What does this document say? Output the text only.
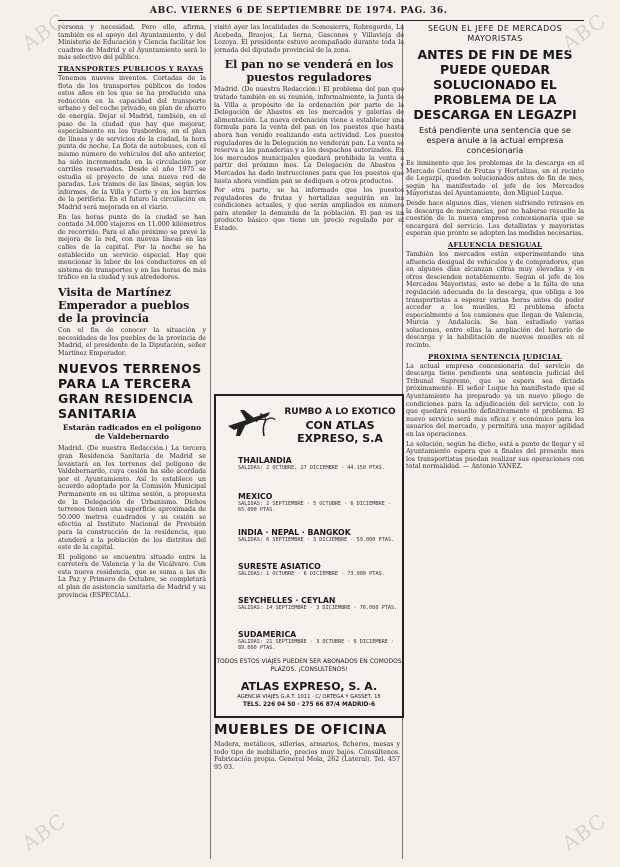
ABC. VIERNES 6 DE SEPTIEMBRE DE 1974. PAG. 36.

persona y necesidad. Pero ello, afirma, también es el apoyo del Ayuntamiento, y del Ministerio de Educación y Ciencia facilitar los cuadros de Madrid y el Ayuntamiento será lo más selectivo del público.

TRANSPORTES PUBLICOS Y RAYAS

Tenemos nuevos inventos. Cortadas de la flota de los transportes públicos de todos estos años en los que se ha producido una reducción en la capacidad del transporte urbano y del coche privado, en plan de ahorro de energía. Dejar el Madrid, también, en el paso de la ciudad que hay que mejorar, especialmente en los trasbordos, en el plan de líneas y de servicios de la ciudad, la hora punta de noche. La flota de autobuses, con el mismo número de vehículos del año anterior, ha sido incrementada en la circulación por carriles reservados. Desde el año 1975 se estudia el proyecto de una nueva red de paradas. Los tramos de las líneas, según los informes, de la Villa y Corte y en los barrios de la periferia. En el futuro la circulación en Madrid será mejorada en el viario.

En las horas punta de la ciudad se han contado 34.000 viajeros en 11.000 kilómetros de recorrido. Para el año próximo se prevé la mejora de la red, con nuevas líneas en las calles de la capital. Por la noche se ha establecido un servicio especial. Hay que mencionar la labor de los conductores en el sistema de transportes y en las horas de más tráfico en la ciudad y sus alrededores.

Visita de Martínez Emperador a pueblos de la provincia

Con el fin de conocer la situación y necesidades de los pueblos de la provincia de Madrid, el presidente de la Diputación, señor Martínez Emperador.

NUEVOS TERRENOS PARA LA TERCERA GRAN RESIDENCIA SANITARIA
Estarán radicados en el polígono de Valdebernardo

Madrid. (De nuestra Redacción.) La tercera gran Residencia Sanitaria de Madrid se levantará en los terrenos del polígono de Valdebernardo, cuya cesión ha sido acordada por el Ayuntamiento. Así lo establece un acuerdo adoptado por la Comisión Municipal Permanente en su última sesión, a propuesta de la Delegación de Urbanismo. Dichos terrenos tienen una superficie aproximada de 50.000 metros cuadrados y su cesión se efectúa al Instituto Nacional de Previsión para la construcción de la residencia, que atenderá a la población de los distritos del este de la capital.

El polígono se encuentra situado entre la carretera de Valencia y la de Vicálvaro. Con esta nueva residencia, que se suma a las de La Paz y Primero de Octubre, se completará el plan de asistencia sanitaria de Madrid y su provincia (ESPECIAL).

visitó ayer las localidades de Somosierra, Robregordo, La Acebeda, Braojos, La Serna, Gascones y Villavieja de Lozoya. El presidente estuvo acompañado durante toda la jornada del diputado provincial de la zona.

El pan no se venderá en los puestos reguladores

Madrid. (De nuestra Redacción.) El problema del pan que tratado también en su reunión, informalmente, la Junta de la Villa a propósito de la ordenación por parte de la Delegación de Abastos en los mercados y galerías de alimentación. La nueva ordenación viene a establecer una fórmula para la venta del pan en los puestos que hasta ahora han venido realizando esta actividad. Los puestos reguladores de la Delegación no venderán pan. La venta se reserva a las panaderías y a los despachos autorizados. En los mercados municipales quedará prohibida la venta a partir del próximo mes. La Delegación de Abastos y Mercados ha dado instrucciones para que los puestos que hasta ahora vendían pan se dediquen a otros productos.

Por otra parte, se ha informado que los puestos reguladores de frutas y hortalizas seguirán en las condiciones actuales, y que serán ampliados en número para atender la demanda de la población. El pan es un producto básico que tiene un precio regulado por el Estado.

RUMBO A LO EXOTICO
CON ATLAS
EXPRESO, S.A
THAILANDIA
SALIDAS: 2 OCTUBRE, 27 DICIEMBRE · 44.150 PTAS.
MEXICO
SALIDAS: 2 SEPTIEMBRE · 5 OCTUBRE · 6 DICIEMBRE · 65.000 PTAS.
INDIA · NEPAL · BANGKOK
SALIDAS: 6 SEPTIEMBRE · 3 DICIEMBRE · 59.000 PTAS.
SURESTE ASIATICO
SALIDAS: 1 OCTUBRE · 6 DICIEMBRE · 73.000 PTAS.
SEYCHELLES · CEYLAN
SALIDAS: 14 SEPTIEMBRE · 3 DICIEMBRE · 76.000 PTAS.
SUDAMERICA
SALIDAS: 21 SEPTIEMBRE · 3 OCTUBRE · 6 DICIEMBRE · 89.000 PTAS.
TODOS ESTOS VIAJES PUEDEN SER ABONADOS EN COMODOS PLAZOS. ¡CONSULTENOS!
ATLAS EXPRESO, S. A.
AGENCIA VIAJES G.A.T. 1011 · C/ ORTEGA Y GASSET, 15
TELS. 226 04 50 · 275 66 87/4 MADRID-6
MUEBLES DE OFICINA

Madera, metálicos, sillerías, armarios, ficheros, mesas y todo tipo de mobiliario, precios muy bajos. Consúltenos. Fabricación propia. General Mola, 262 (Lateral). Tel. 457 95 03.

SEGUN EL JEFE DE MERCADOS MAYORISTAS
ANTES DE FIN DE MES PUEDE QUEDAR SOLUCIONADO EL PROBLEMA DE LA DESCARGA EN LEGAZPI
Está pendiente una sentencia que se espera anule a la actual empresa concesionaria

Es inminente que los problemas de la descarga en el Mercado Central de Frutas y Hortalizas, en el recinto de Legazpi, queden solucionados antes de fin de mes, según ha manifestado el jefe de los Mercados Mayoristas del Ayuntamiento, don Miguel Luque.

Desde hace algunos días, vienen sufriendo retrasos en la descarga de mercancías, por no haberse resuelto la cuestión de la nueva empresa concesionaria que se encargará del servicio. Los detallistas y mayoristas esperan que pronto se adopten las medidas necesarias.

AFLUENCIA DESIGUAL

También los mercados están experimentando una afluencia desigual de vehículos y de compradores, que en algunos días alcanzan cifras muy elevadas y en otros descienden notablemente. Según el jefe de los Mercados Mayoristas, esto se debe a la falta de una regulación adecuada de la descarga, que obliga a los transportistas a esperar varias horas antes de poder acceder a los muelles. El problema afecta especialmente a los camiones que llegan de Valencia, Murcia y Andalucía. Se han estudiado varias soluciones, entre ellas la ampliación del horario de descarga y la habilitación de nuevos muelles en el recinto.

PROXIMA SENTENCIA JUDICIAL

La actual empresa concesionaria del servicio de descarga tiene pendiente una sentencia judicial del Tribunal Supremo, que se espera sea dictada próximamente. El señor Luque ha manifestado que el Ayuntamiento ha preparado ya un nuevo pliego de condiciones para la adjudicación del servicio, con lo que quedará resuelto definitivamente el problema. El nuevo servicio será más eficaz y económico para los usuarios del mercado, y permitirá una mayor agilidad en las operaciones.

La solución, según ha dicho, está a punto de llegar y el Ayuntamiento espera que a finales del presente mes los transportistas puedan realizar sus operaciones con total normalidad. — Antonio YANEZ.

ABC	ABC
ABC	ABC
